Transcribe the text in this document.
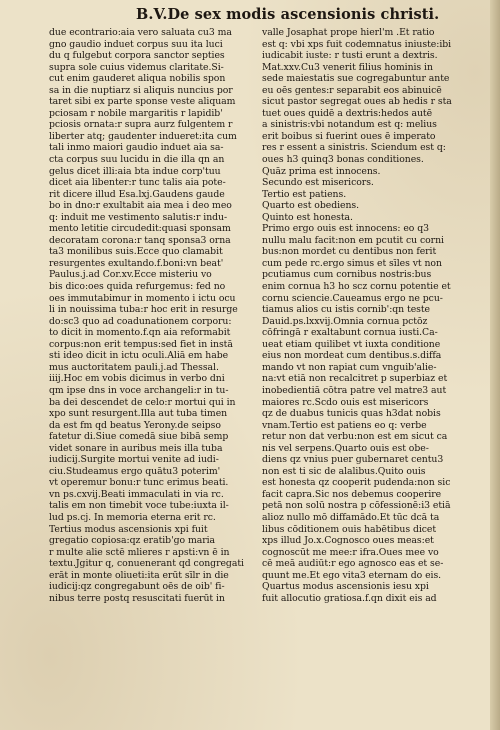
B.V.De sex modis ascensionis christi.
due econtrario:aia vero saluata cu3 ma
gno gaudio induet corpus suu ita luci
du q fulgebut corpora sanctor septies
supra sole cuius videmus claritate.Si-
cut enim gauderet aliqua nobilis spon
sa in die nuptiarz si aliquis nuncius por
taret sibi ex parte sponse veste aliquam
pciosam r nobile margaritis r lapidib'
pciosis ornata:r supra aurz fulgentem r
liberter atq; gaudenter indueret:ita cum
tali inmo maiori gaudio induet aia sa-
cta corpus suu lucidu in die illa qn an
gelus dicet illi:aia bta indue corp'tuu
dicet aia libenter:r tunc talis aia pote-
rit dicere illud Esa.lxj.Gaudens gaude
bo in dno:r exultabit aia mea i deo meo
q: induit me vestimento salutis:r indu-
mento letitie circudedit:quasi sponsam
decoratam corona:r tanq sponsa3 orna
ta3 monilibus suis.Ecce quo clamabit
resurgentes exultando.f.boni:vn beat'
Paulus.j.ad Cor.xv.Ecce misteriu vo
bis dico:oes quida refurgemus: fed no
oes immutabimur in momento i ictu ocu
li in nouissima tuba:r hoc erit in resurge
do:sc3 quo ad coadunationem corporu:
to dicit in momento.f.qn aia reformabit
corpus:non erit tempus:sed fiet in instā
sti ideo dicit in ictu oculi.Aliā em habe
mus auctoritatem pauli.j.ad Thessal.
iiij.Hoc em vobis dicimus in verbo dni
qm ipse dns in voce archangeli:r in tu-
ba dei descendet de celo:r mortui qui in
xpo sunt resurgent.Illa aut tuba timen
da est fm qd beatus Yerony.de seipso
fatetur di.Siue comedā siue bibā semp
videt sonare in auribus meis illa tuba
iudicij.Surgite mortui venite ad iudi-
ciu.Studeamus ergo quātu3 poterim'
vt operemur bonu:r tunc erimus beati.
vn ps.cxvij.Beati immaculati in via rc.
talis em non timebit voce tube:iuxta il-
lud ps.cj. In memoria eterna erit rc.
Tertius modus ascensionis xpi fuit
gregatio copiosa:qz eratib'go maria
r multe alie sctē mlieres r apsti:vn ē in
textu.Jgitur q, conuenerant qd congregati
erāt in monte oliueti:ita erūt sīlr in die
iudicij:qz congregabunt oēs de oib' fi-
nibus terre postq resuscitati fuerūt in
valle Josaphat prope hierl'm .Et ratio
est q: vbi xps fuit codemnatus iniuste:ibi
iudicabit iuste: r tusti erunt a dextris.
Mat.xxv.Cu3 venerit filius hominis in
sede maiestatis sue cogregabuntur ante
eu oēs gentes:r separabit eos abinuicē
sicut pastor segregat oues ab hedis r sta
tuet oues quidē a dextris:hedos autē
a sinistris:vbi notandum est q: melius
erit boibus si fuerint oues ē imperato
res r essent a sinistris. Sciendum est q:
oues h3 quinq3 bonas conditiones.
Quāz prima est innocens.
Secundo est misericors.
Tertio est patiens.
Quarto est obediens.
Quinto est honesta.
Primo ergo ouis est innocens: eo q3
nullu malu facit:non em pcutit cu corni
bus:non mordet cu dentibus non ferit
cum pede rc.ergo simus et sīles vt non
pcutiamus cum cornibus nostris:bus
enim cornua h3 ho scz cornu potentie et
cornu sciencie.Caueamus ergo ne pcu-
tiamus alios cu istis cornib':qn teste
Dauid.ps.lxxvij.Omnia cornua pctōz
cōfringā r exaltabunt cornua iusti.Ca-
ueat etiam quilibet vt iuxta conditione
eius non mordeat cum dentibus.s.diffa
mando vt non rapiat cum vnguib'alie-
na:vt etiā non recalcitret p superbiaz et
inobedientiā cōtra patre vel matre3 aut
maiores rc.Scdo ouis est misericors
qz de duabus tunicis quas h3dat nobis
vnam.Tertio est patiens eo q: verbe
retur non dat verbu:non est em sicut ca
nis vel serpens.Quarto ouis est obe-
diens qz vnius puer gubernaret centu3
non est ti sic de alalibus.Quito ouis
est honesta qz cooperit pudenda:non sic
facit capra.Sic nos debemus cooperire
petā non solū nostra p cōfessionē:i3 etiā
alioz nullo mō diffamādo.Et tūc dcā ta
libus cōditionem ouis habētibus dicet
xps illud Jo.x.Cognosco oues meas:et
cognoscūt me mee:r ifra.Oues mee vo
cē meā audiūt:r ego agnosco eas et se-
quunt me.Et ego vita3 eternam do eis.
Quartus modus ascensionis iesu xpi
fuit allocutio gratiosa.f.qn dixit eis ad
